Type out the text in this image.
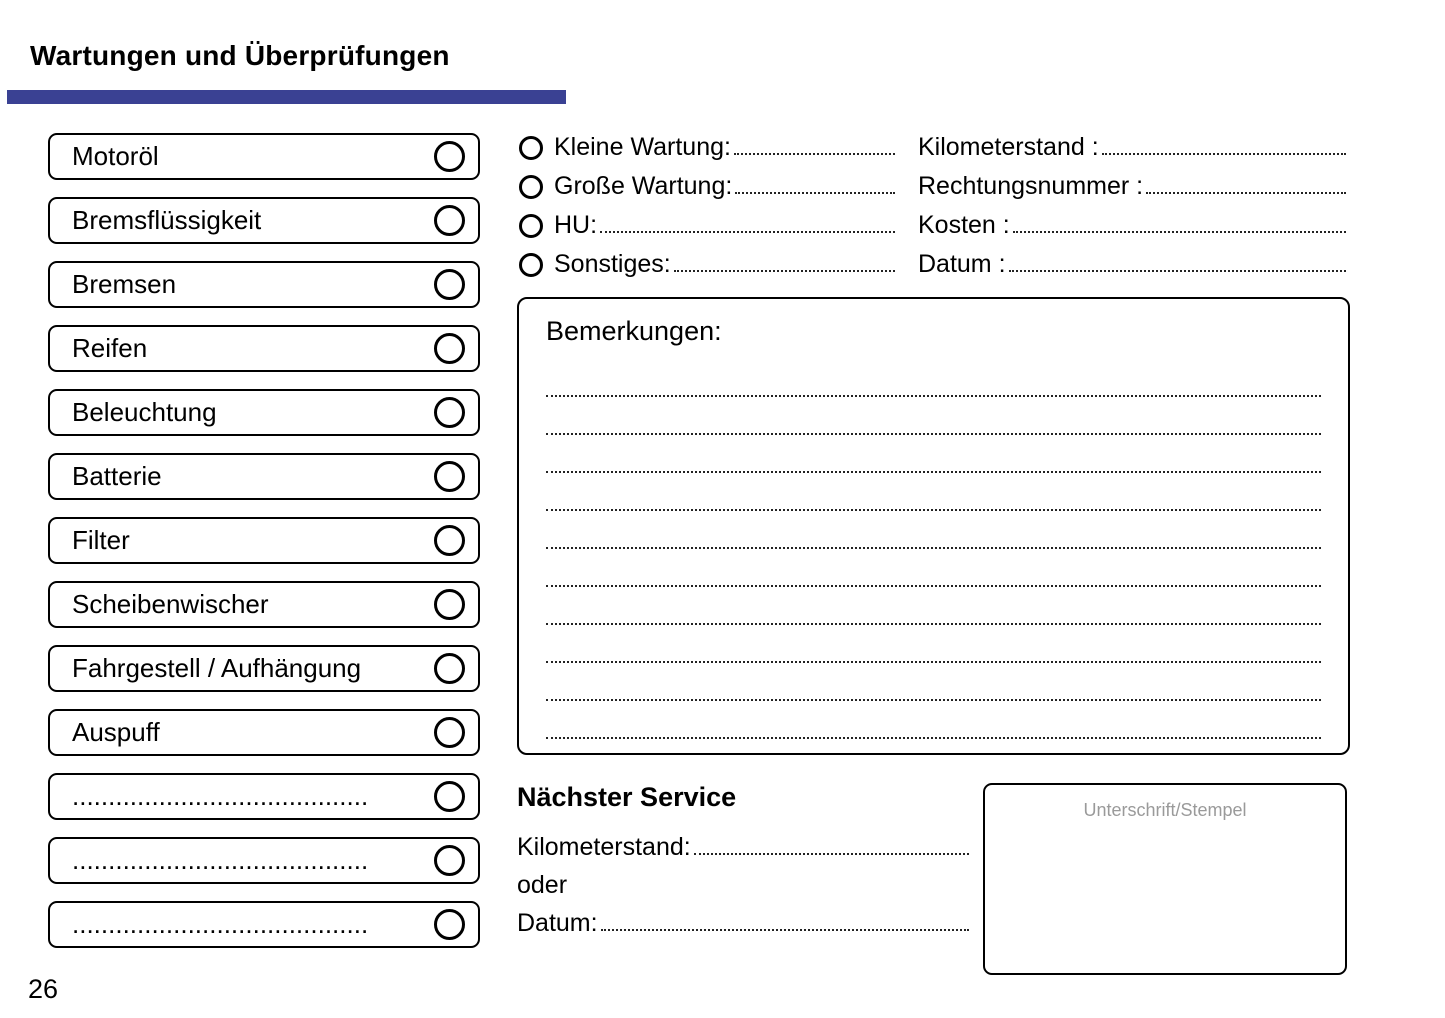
Wartungen und Überprüfungen
Motoröl
Bremsflüssigkeit
Bremsen
Reifen
Beleuchtung
Batterie
Filter
Scheibenwischer
Fahrgestell / Aufhängung
Auspuff
.........................................
.........................................
.........................................
Kleine Wartung:
Große Wartung:
HU:
Sonstiges:
Kilometerstand :
Rechtungsnummer :
Kosten :
Datum :
Bemerkungen:
Nächster Service
Kilometerstand:
oder
Datum:
Unterschrift/Stempel
26
